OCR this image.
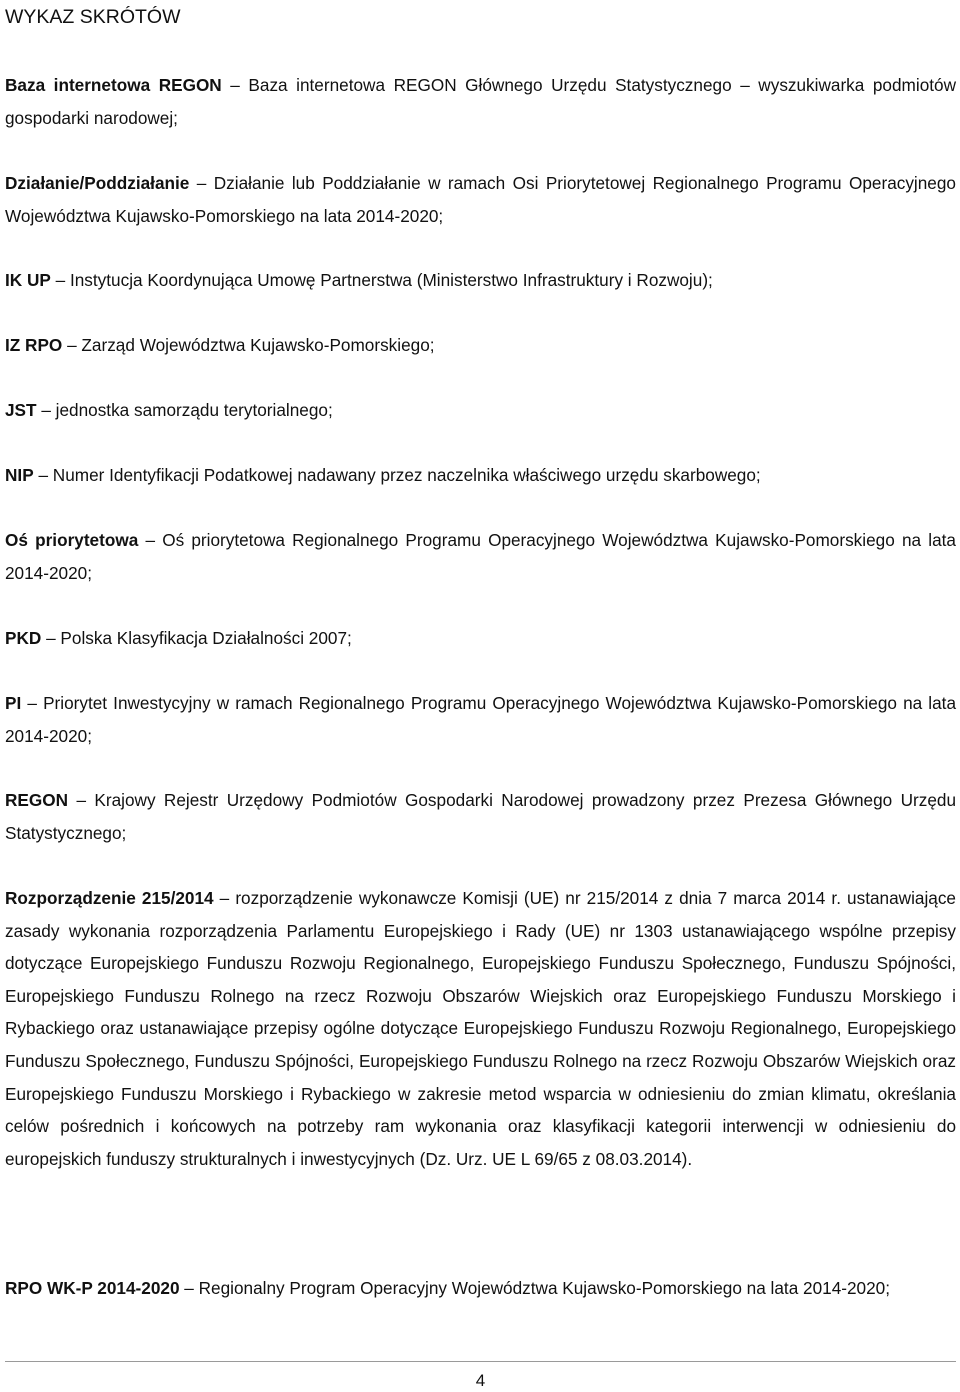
WYKAZ SKRÓTÓW

Baza internetowa REGON – Baza internetowa REGON Głównego Urzędu Statystycznego – wyszukiwarka podmiotów gospodarki narodowej;

Działanie/Poddziałanie – Działanie lub Poddziałanie w ramach Osi Priorytetowej Regionalnego Programu Operacyjnego Województwa Kujawsko-Pomorskiego na lata 2014-2020;

IK UP – Instytucja Koordynująca Umowę Partnerstwa (Ministerstwo Infrastruktury i Rozwoju);

IZ RPO – Zarząd Województwa Kujawsko-Pomorskiego;

JST – jednostka samorządu terytorialnego;

NIP – Numer Identyfikacji Podatkowej nadawany przez naczelnika właściwego urzędu skarbowego;

Oś priorytetowa – Oś priorytetowa Regionalnego Programu Operacyjnego Województwa Kujawsko-Pomorskiego na lata 2014-2020;

PKD – Polska Klasyfikacja Działalności 2007;

PI – Priorytet Inwestycyjny w ramach Regionalnego Programu Operacyjnego Województwa Kujawsko-Pomorskiego na lata 2014-2020;

REGON – Krajowy Rejestr Urzędowy Podmiotów Gospodarki Narodowej prowadzony przez Prezesa Głównego Urzędu Statystycznego;

Rozporządzenie 215/2014 – rozporządzenie wykonawcze Komisji (UE) nr 215/2014 z dnia 7 marca 2014 r. ustanawiające zasady wykonania rozporządzenia Parlamentu Europejskiego i Rady (UE) nr 1303 ustanawiającego wspólne przepisy dotyczące Europejskiego Funduszu Rozwoju Regionalnego, Europejskiego Funduszu Społecznego, Funduszu Spójności, Europejskiego Funduszu Rolnego na rzecz Rozwoju Obszarów Wiejskich oraz Europejskiego Funduszu Morskiego i Rybackiego oraz ustanawiające przepisy ogólne dotyczące Europejskiego Funduszu Rozwoju Regionalnego, Europejskiego Funduszu Społecznego, Funduszu Spójności, Europejskiego Funduszu Rolnego na rzecz Rozwoju Obszarów Wiejskich oraz Europejskiego Funduszu Morskiego i Rybackiego w zakresie metod wsparcia w odniesieniu do zmian klimatu, określania celów pośrednich i końcowych na potrzeby ram wykonania oraz klasyfikacji kategorii interwencji w odniesieniu do europejskich funduszy strukturalnych i inwestycyjnych (Dz. Urz. UE L 69/65 z 08.03.2014).

RPO WK-P 2014-2020 – Regionalny Program Operacyjny Województwa Kujawsko-Pomorskiego na lata 2014-2020;

4
